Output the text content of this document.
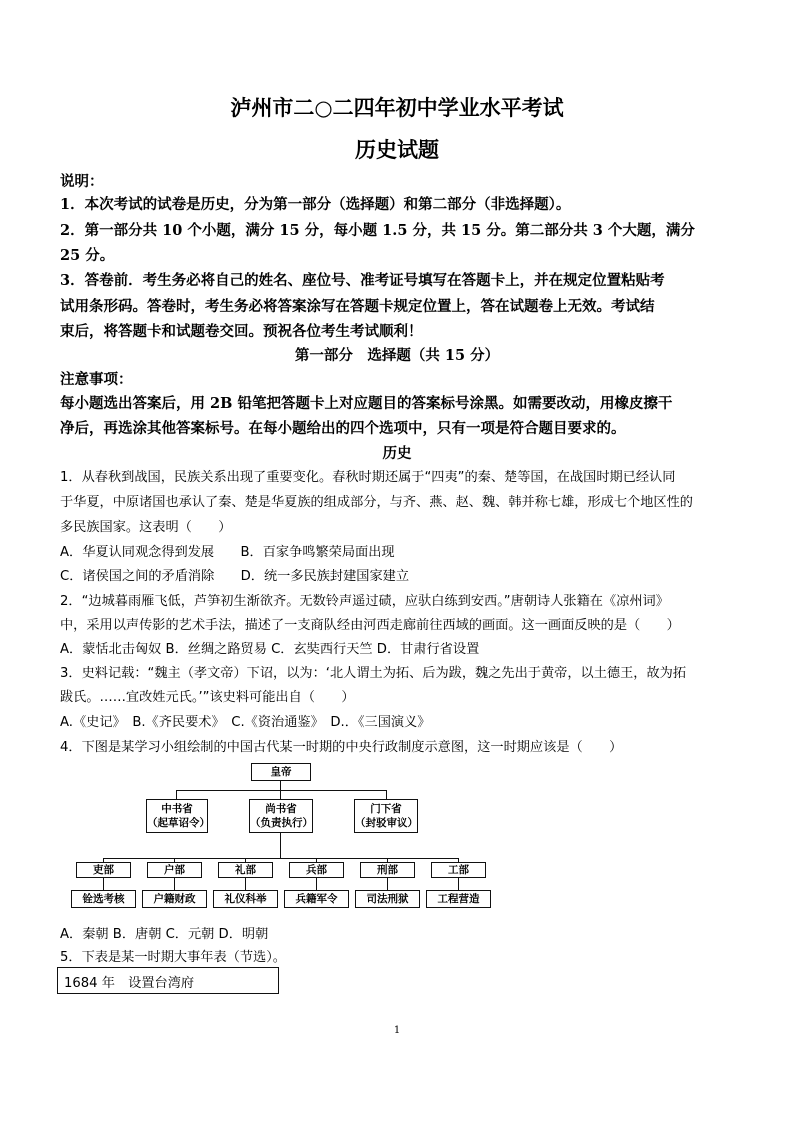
泸州市二○二四年初中学业水平考试
历史试题
说明：
1．本次考试的试卷是历史，分为第一部分（选择题）和第二部分（非选择题）。
2．第一部分共 10 个小题，满分 15 分，每小题 1.5 分，共 15 分。第二部分共 3 个大题，满分
25 分。
3．答卷前．考生务必将自己的姓名、座位号、准考证号填写在答题卡上，并在规定位置粘贴考
试用条形码。答卷时，考生务必将答案涂写在答题卡规定位置上，答在试题卷上无效。考试结
束后，将答题卡和试题卷交回。预祝各位考生考试顺利！
第一部分　选择题（共 15 分）
注意事项：
每小题选出答案后，用 2B 铅笔把答题卡上对应题目的答案标号涂黑。如需要改动，用橡皮擦干
净后，再选涂其他答案标号。在每小题给出的四个选项中，只有一项是符合题目要求的。
历史
1．从春秋到战国，民族关系出现了重要变化。春秋时期还属于“四夷”的秦、楚等国，在战国时期已经认同
于华夏，中原诸国也承认了秦、楚是华夏族的组成部分，与齐、燕、赵、魏、韩并称七雄，形成七个地区性的
多民族国家。这表明（　　）
A．华夏认同观念得到发展　　B．百家争鸣繁荣局面出现
C．诸侯国之间的矛盾消除　　D．统一多民族封建国家建立
2．“边城暮雨雁飞低，芦笋初生渐欲齐。无数铃声遥过碛，应驮白练到安西。”唐朝诗人张籍在《凉州词》
中，采用以声传影的艺术手法，描述了一支商队经由河西走廊前往西域的画面。这一画面反映的是（　　）
A．蒙恬北击匈奴 B．丝绸之路贸易 C．玄奘西行天竺 D．甘肃行省设置
3．史料记载：“魏主（孝文帝）下诏，以为：‘北人谓土为拓、后为跋，魏之先出于黄帝，以土德王，故为拓
跋氏。……宜改姓元氏。’”该史料可能出自（　　）
A.《史记》　B.《齐民要术》　C.《资治通鉴》　D.．《三国演义》
4．下图是某学习小组绘制的中国古代某一时期的中央行政制度示意图，这一时期应该是（　　）
皇帝
中书省
（起草诏令）
尚书省
（负责执行）
门下省
（封驳审议）
吏部	户部	礼部	兵部	刑部	工部
铨选考核	户籍财政	礼仪科举	兵籍军令	司法刑狱	工程营造
A．秦朝 B．唐朝 C．元朝 D．明朝
5．下表是某一时期大事年表（节选）。
1684 年　设置台湾府
1
